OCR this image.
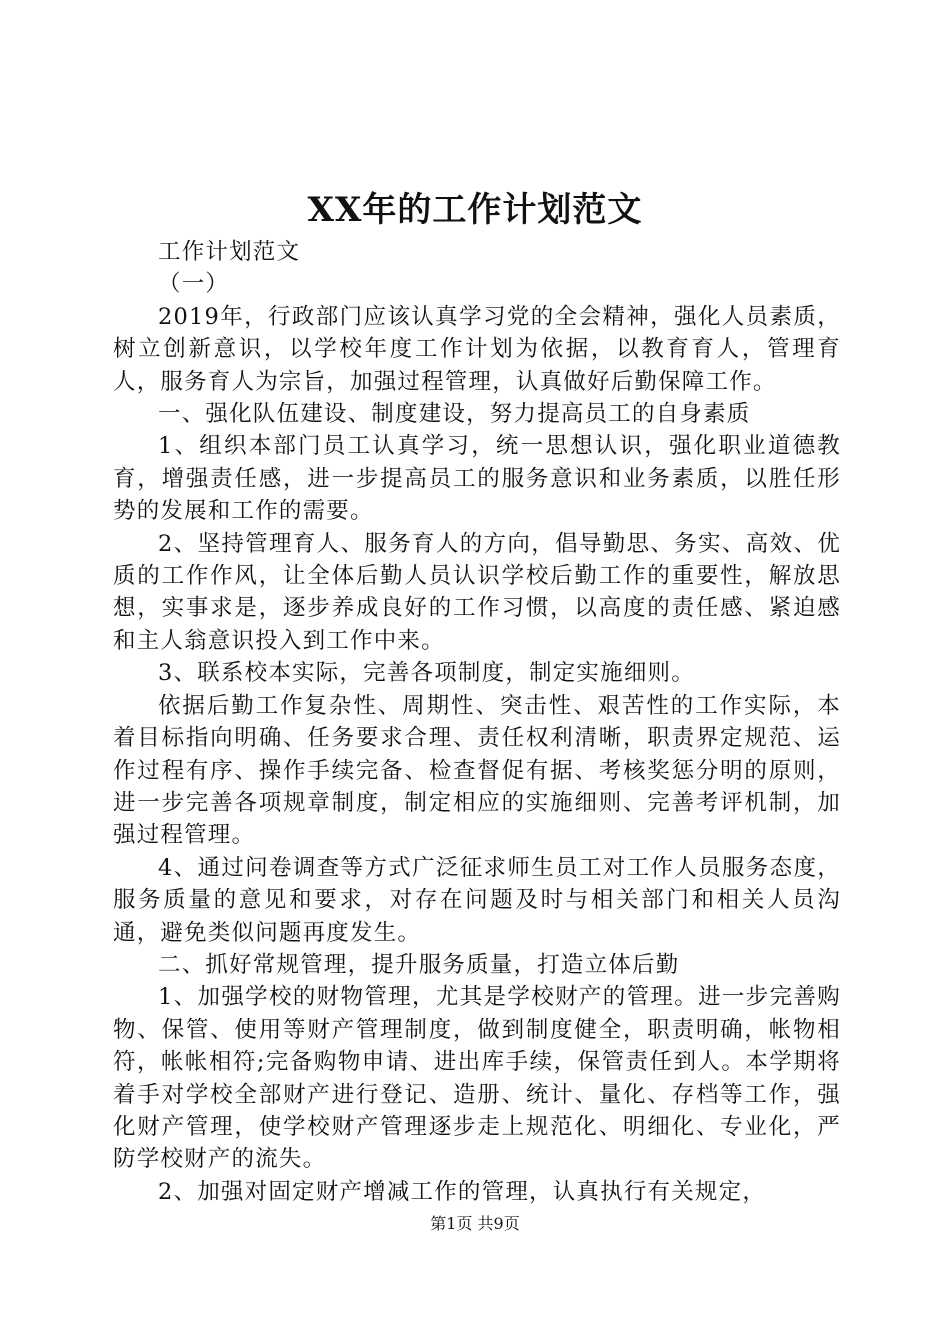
XX年的工作计划范文

工作计划范文

（一）

2019年，行政部门应该认真学习党的全会精神，强化人员素质，树立创新意识，以学校年度工作计划为依据，以教育育人，管理育人，服务育人为宗旨，加强过程管理，认真做好后勤保障工作。

一、强化队伍建设、制度建设，努力提高员工的自身素质

1、组织本部门员工认真学习，统一思想认识，强化职业道德教育，增强责任感，进一步提高员工的服务意识和业务素质，以胜任形势的发展和工作的需要。

2、坚持管理育人、服务育人的方向，倡导勤思、务实、高效、优质的工作作风，让全体后勤人员认识学校后勤工作的重要性，解放思想，实事求是，逐步养成良好的工作习惯，以高度的责任感、紧迫感和主人翁意识投入到工作中来。

3、联系校本实际，完善各项制度，制定实施细则。

依据后勤工作复杂性、周期性、突击性、艰苦性的工作实际，本着目标指向明确、任务要求合理、责任权利清晰，职责界定规范、运作过程有序、操作手续完备、检查督促有据、考核奖惩分明的原则，进一步完善各项规章制度，制定相应的实施细则、完善考评机制，加强过程管理。

4、通过问卷调查等方式广泛征求师生员工对工作人员服务态度，服务质量的意见和要求，对存在问题及时与相关部门和相关人员沟通，避免类似问题再度发生。

二、抓好常规管理，提升服务质量，打造立体后勤

1、加强学校的财物管理，尤其是学校财产的管理。进一步完善购物、保管、使用等财产管理制度，做到制度健全，职责明确，帐物相符，帐帐相符;完备购物申请、进出库手续，保管责任到人。本学期将着手对学校全部财产进行登记、造册、统计、量化、存档等工作，强化财产管理，使学校财产管理逐步走上规范化、明细化、专业化，严防学校财产的流失。

2、加强对固定财产增减工作的管理，认真执行有关规定，

第1页 共9页
